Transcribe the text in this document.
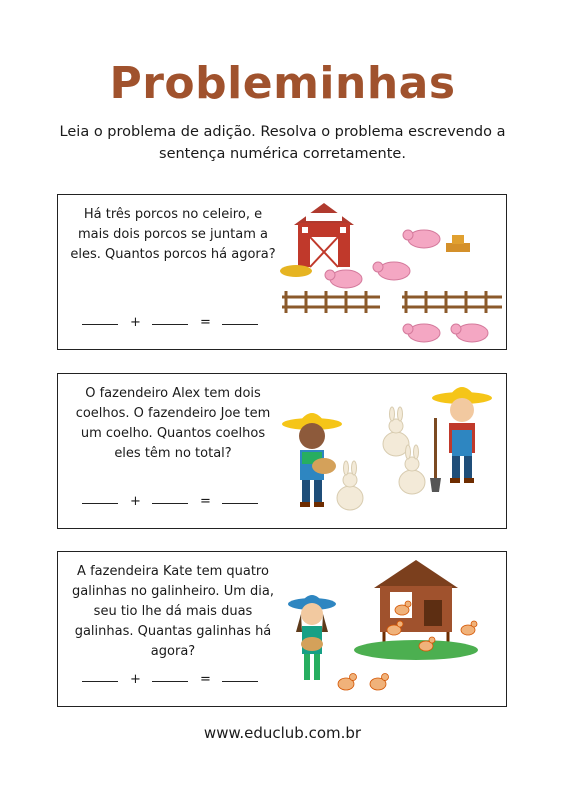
Probleminhas
Leia o problema de adição. Resolva o problema escrevendo a sentença numérica corretamente.
Há três porcos no celeiro, e mais dois porcos se juntam a eles. Quantos porcos há agora?
+	=
O fazendeiro Alex tem dois coelhos. O fazendeiro Joe tem um coelho. Quantos coelhos eles têm no total?
+	=
A fazendeira Kate tem quatro galinhas no galinheiro. Um dia, seu tio lhe dá mais duas galinhas. Quantas galinhas há agora?
+	=
www.educlub.com.br
